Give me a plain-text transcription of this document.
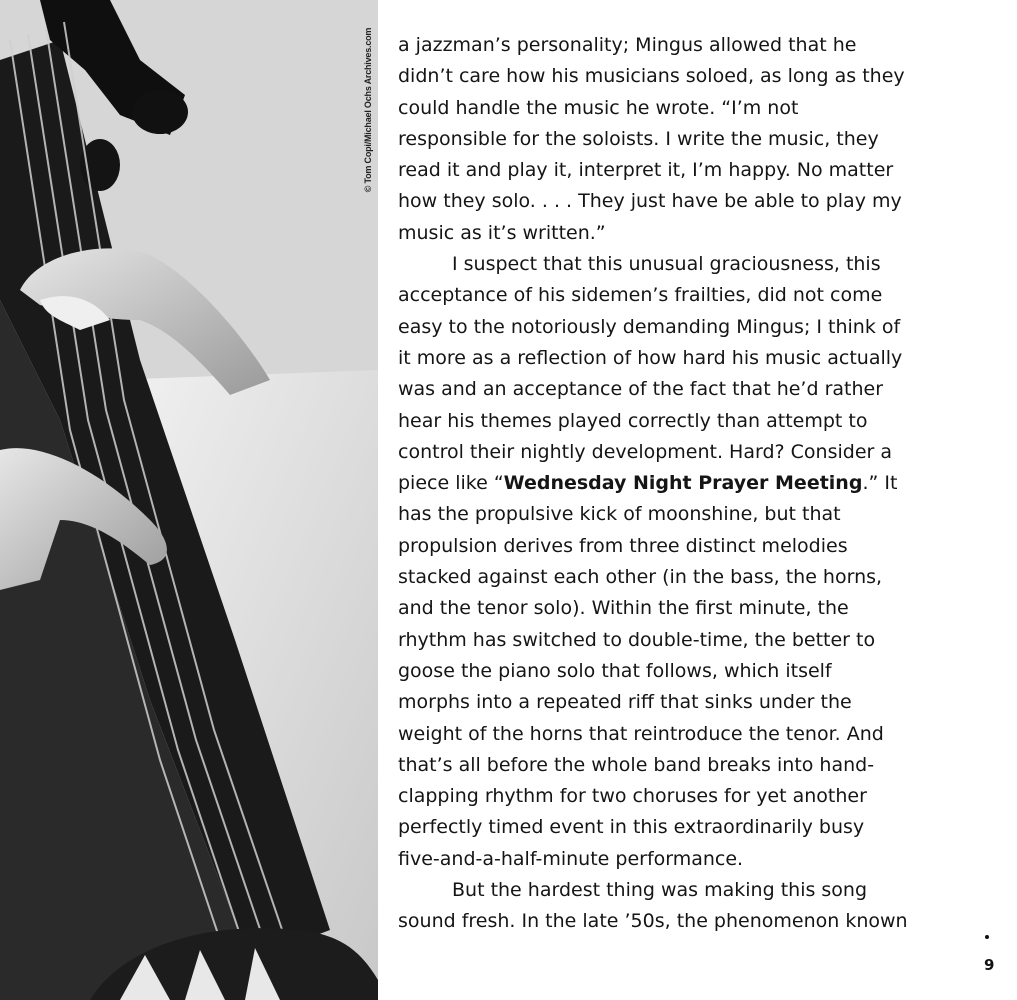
© Tom Copi/Michael Ochs Archives.com a jazzman’s personality; Mingus allowed that he
didn’t care how his musicians soloed, as long as they
could handle the music he wrote. “I’m not
responsible for the soloists. I write the music, they
read it and play it, interpret it, I’m happy. No matter
how they solo. . . . They just have be able to play my
music as it’s written.”
I suspect that this unusual graciousness, this
acceptance of his sidemen’s frailties, did not come
easy to the notoriously demanding Mingus; I think of
it more as a reflection of how hard his music actually
was and an acceptance of the fact that he’d rather
hear his themes played correctly than attempt to
control their nightly development. Hard? Consider a
piece like “Wednesday Night Prayer Meeting.” It
has the propulsive kick of moonshine, but that
propulsion derives from three distinct melodies
stacked against each other (in the bass, the horns,
and the tenor solo). Within the first minute, the
rhythm has switched to double-time, the better to
goose the piano solo that follows, which itself
morphs into a repeated riff that sinks under the
weight of the horns that reintroduce the tenor. And
that’s all before the whole band breaks into hand-
clapping rhythm for two choruses for yet another
perfectly timed event in this extraordinarily busy
five-and-a-half-minute performance.
But the hardest thing was making this song
sound fresh. In the late ’50s, the phenomenon known
9
